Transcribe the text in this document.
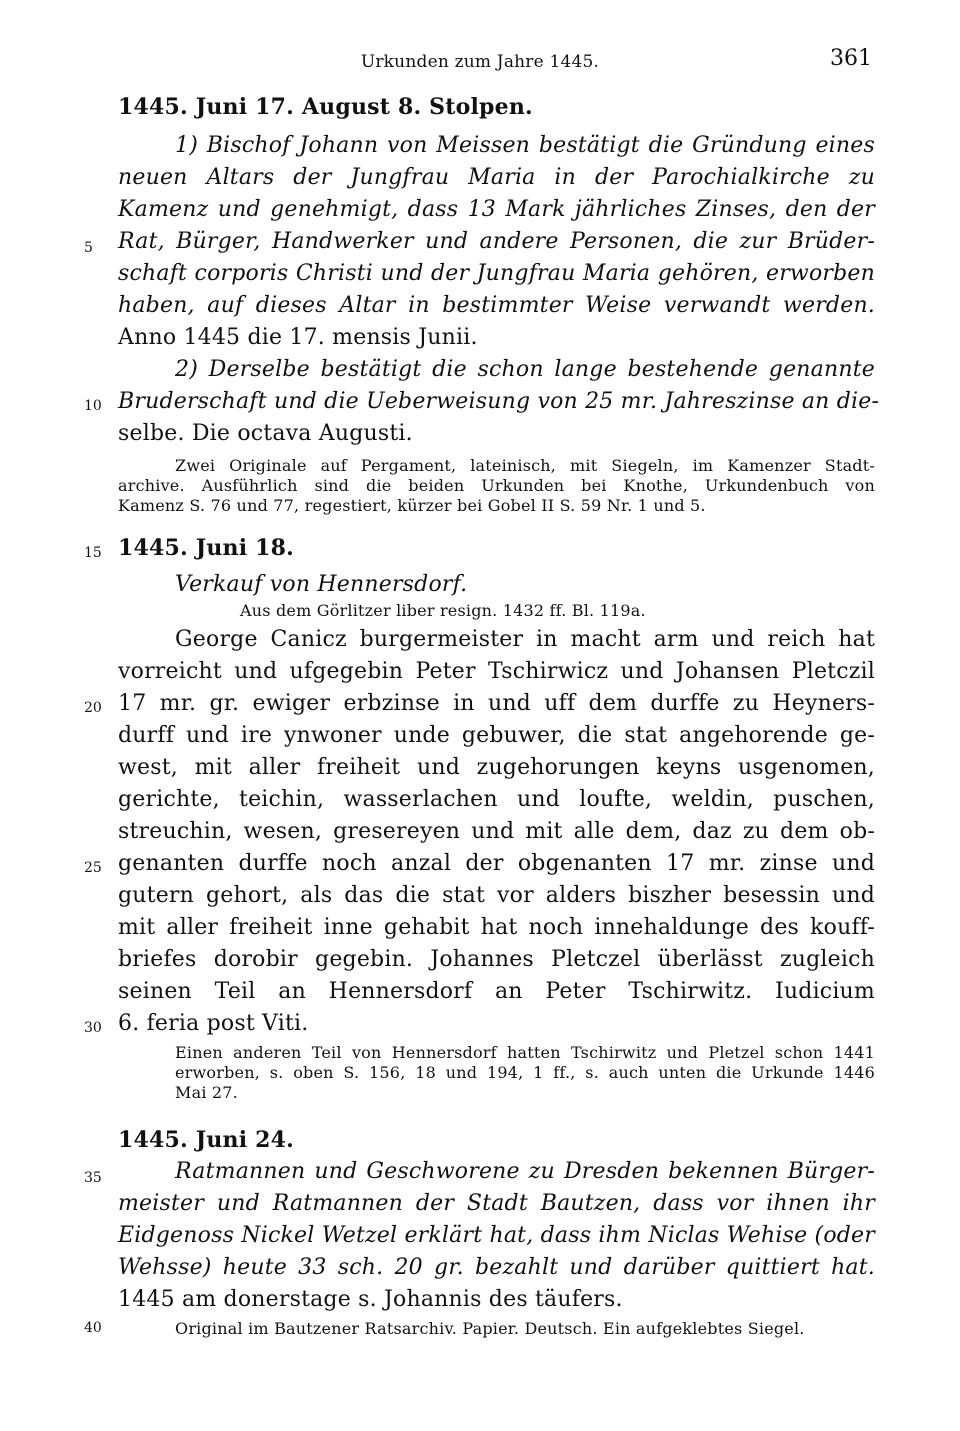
Urkunden zum Jahre 1445.	361
1445. Juni 17. August 8. Stolpen.
1) Bischof Johann von Meissen bestätigt die Gründung eines
neuen Altars der Jungfrau Maria in der Parochialkirche zu
Kamenz und genehmigt, dass 13 Mark jährliches Zinses, den der
5	Rat, Bürger, Handwerker und andere Personen, die zur Brüder-
schaft corporis Christi und der Jungfrau Maria gehören, erworben
haben, auf dieses Altar in bestimmter Weise verwandt werden.
Anno 1445 die 17. mensis Junii.
2) Derselbe bestätigt die schon lange bestehende genannte
10 Bruderschaft und die Ueberweisung von 25 mr. Jahreszinse an die-
selbe. Die octava Augusti.
Zwei Originale auf Pergament, lateinisch, mit Siegeln, im Kamenzer Stadt-
archive. Ausführlich sind die beiden Urkunden bei Knothe, Urkundenbuch von
Kamenz S. 76 und 77, regestiert, kürzer bei Gobel II S. 59 Nr. 1 und 5.
15 1445. Juni 18.
Verkauf von Hennersdorf.
Aus dem Görlitzer liber resign. 1432 ff. Bl. 119a.
George Canicz burgermeister in macht arm und reich hat
vorreicht und ufgegebin Peter Tschirwicz und Johansen Pletczil
20 17 mr. gr. ewiger erbzinse in und uff dem durffe zu Heyners-
durff und ire ynwoner unde gebuwer, die stat angehorende ge-
west, mit aller freiheit und zugehorungen keyns usgenomen,
gerichte, teichin, wasserlachen und loufte, weldin, puschen,
streuchin, wesen, gresereyen und mit alle dem, daz zu dem ob-
25 genanten durffe noch anzal der obgenanten 17 mr. zinse und
gutern gehort, als das die stat vor alders biszher besessin und
mit aller freiheit inne gehabit hat noch innehaldunge des kouff-
briefes dorobir gegebin. Johannes Pletczel überlässt zugleich
seinen Teil an Hennersdorf an Peter Tschirwitz. Iudicium
30 6. feria post Viti.
Einen anderen Teil von Hennersdorf hatten Tschirwitz und Pletzel schon 1441
erworben, s. oben S. 156, 18 und 194, 1 ff., s. auch unten die Urkunde 1446
Mai 27.
1445. Juni 24.
35	Ratmannen und Geschworene zu Dresden bekennen Bürger-
meister und Ratmannen der Stadt Bautzen, dass vor ihnen ihr
Eidgenoss Nickel Wetzel erklärt hat, dass ihm Niclas Wehise (oder
Wehsse) heute 33 sch. 20 gr. bezahlt und darüber quittiert hat.
1445 am donerstage s. Johannis des täufers.
40	Original im Bautzener Ratsarchiv. Papier. Deutsch. Ein aufgeklebtes Siegel.
